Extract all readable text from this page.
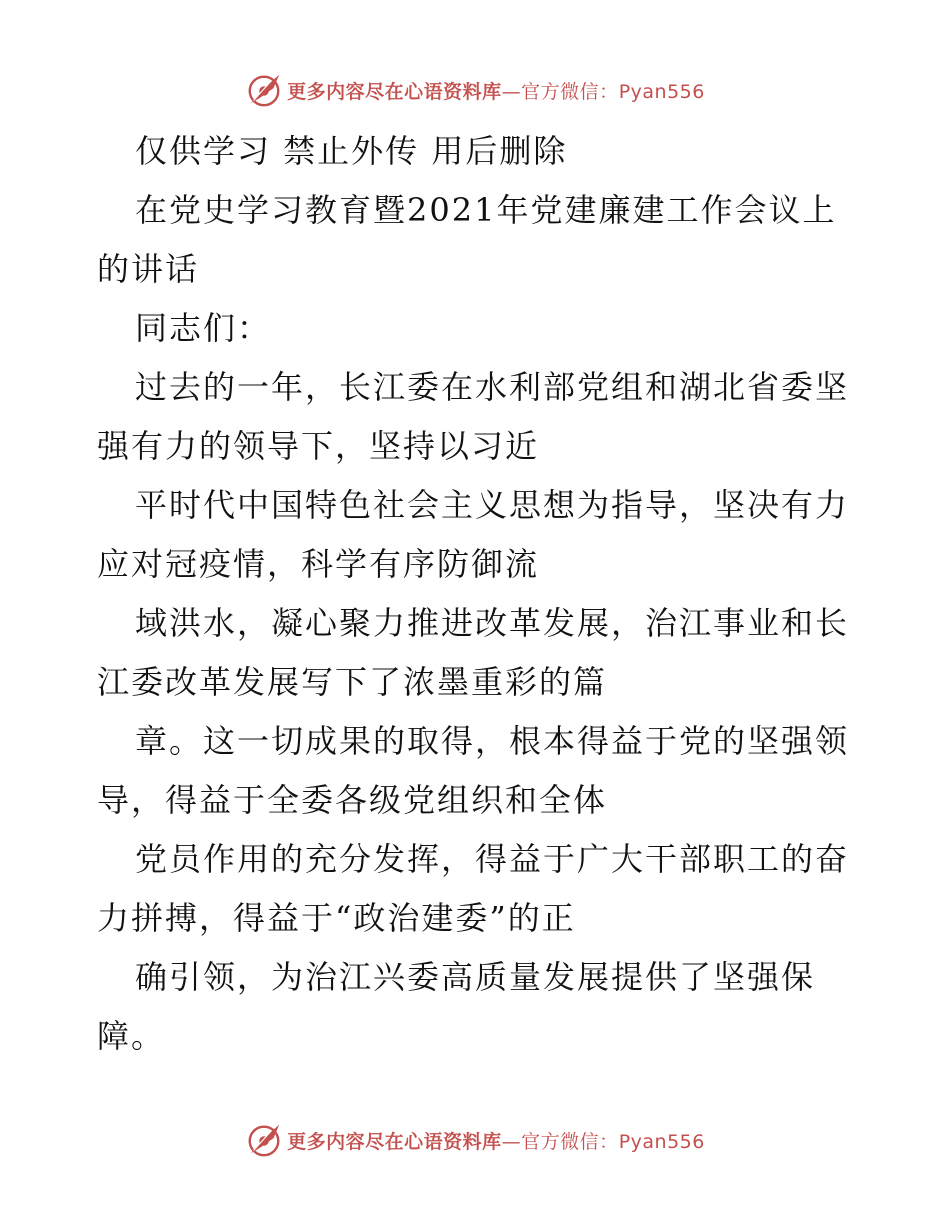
更多内容尽在心语资料库—官方微信：Pyan556
仅供学习 禁止外传 用后删除
在党史学习教育暨2021年党建廉建工作会议上
的讲话
同志们：
过去的一年，长江委在水利部党组和湖北省委坚
强有力的领导下，坚持以习近
平时代中国特色社会主义思想为指导，坚决有力
应对冠疫情，科学有序防御流
域洪水，凝心聚力推进改革发展，治江事业和长
江委改革发展写下了浓墨重彩的篇
章。这一切成果的取得，根本得益于党的坚强领
导，得益于全委各级党组织和全体
党员作用的充分发挥，得益于广大干部职工的奋
力拼搏，得益于“政治建委”的正
确引领，为治江兴委高质量发展提供了坚强保
障。
更多内容尽在心语资料库—官方微信：Pyan556
